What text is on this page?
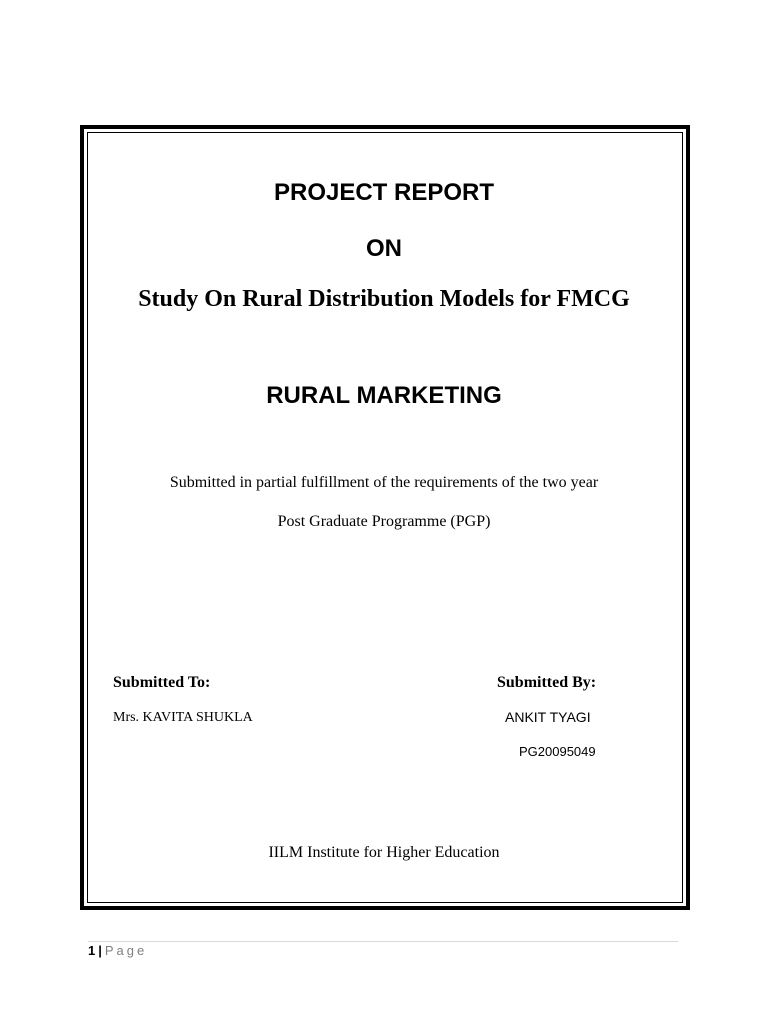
PROJECT REPORT
ON
Study On Rural Distribution Models for FMCG
RURAL MARKETING
Submitted in partial fulfillment of the requirements of the two year
Post Graduate Programme (PGP)
Submitted To:
Mrs. KAVITA SHUKLA
Submitted By:
ANKIT TYAGI
PG20095049
IILM Institute for Higher Education
1 | Page
